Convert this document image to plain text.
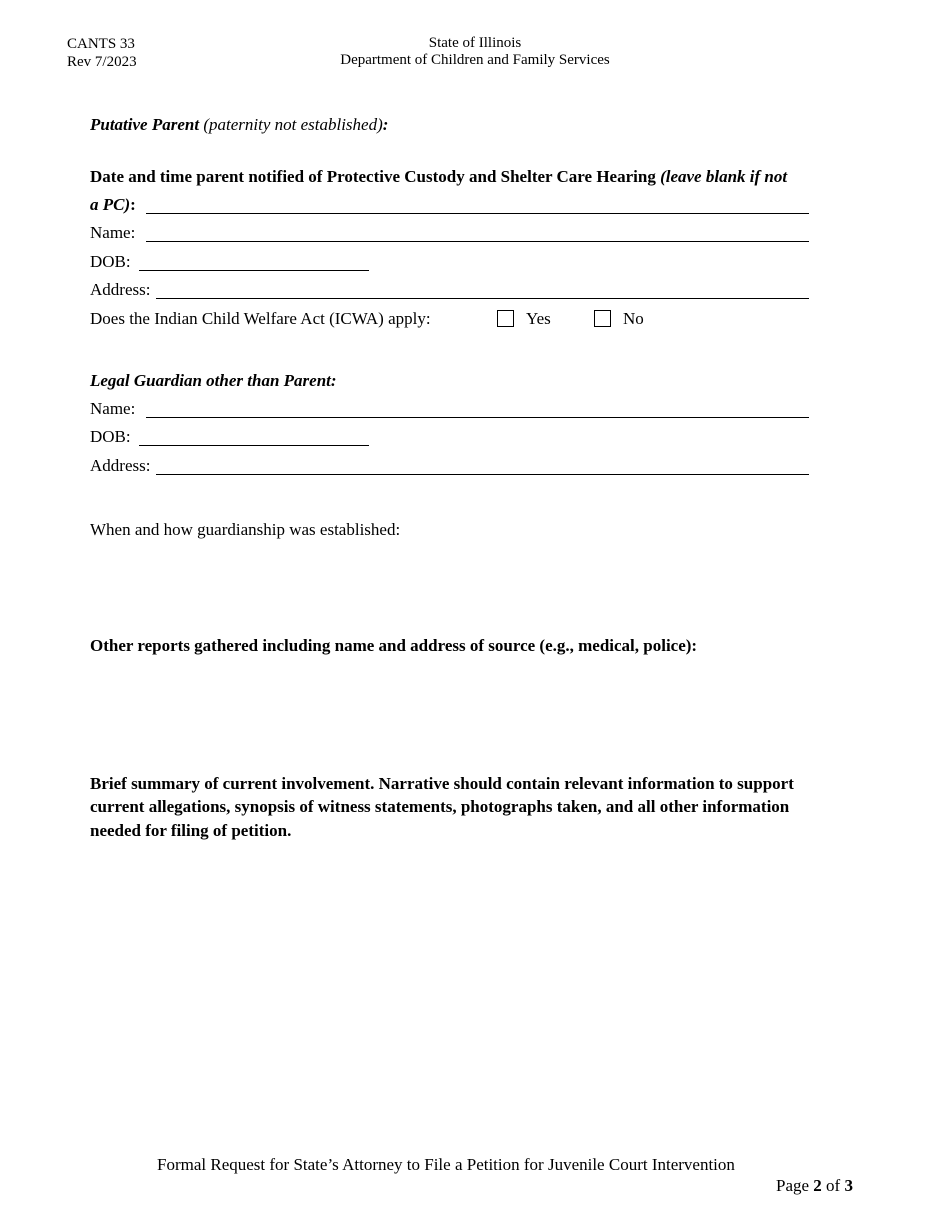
CANTS 33
Rev 7/2023
State of Illinois
Department of Children and Family Services
Putative Parent (paternity not established):
Date and time parent notified of Protective Custody and Shelter Care Hearing (leave blank if not
a PC):
Name:
DOB:
Address:
Does the Indian Child Welfare Act (ICWA) apply:	Yes	No
Legal Guardian other than Parent:
Name:
DOB:
Address:
When and how guardianship was established:
Other reports gathered including name and address of source (e.g., medical, police):
Brief summary of current involvement. Narrative should contain relevant information to support
current allegations, synopsis of witness statements, photographs taken, and all other information
needed for filing of petition.
Formal Request for State’s Attorney to File a Petition for Juvenile Court Intervention
Page 2 of 3
